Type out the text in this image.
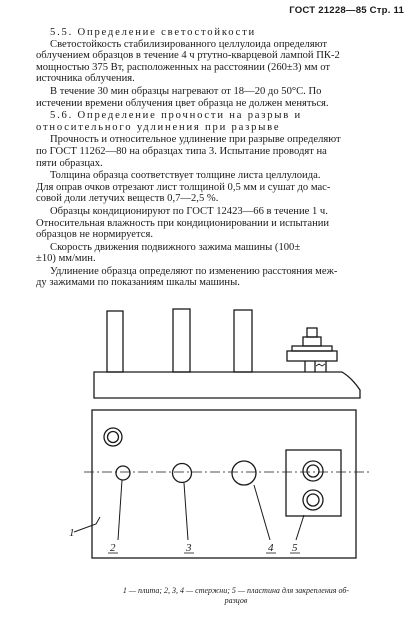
ГОСТ 21228—85 Стр. 11

5.5. Определение светостойкости

Светостойкость стабилизированного целлулоида определяют

облучением образцов в течение 4 ч ртутно-кварцевой лампой ПК-2

мощностью 375 Вт, расположенных на расстоянии (260±3) мм от

источника облучения.

В течение 30 мин образцы нагревают от 18—20 до 50°С. По

истечении времени облучения цвет образца не должен меняться.

5.6. Определение прочности на разрыв и

относительного удлинения при разрыве

Прочность и относительное удлинение при разрыве определяют

по ГОСТ 11262—80 на образцах типа 3. Испытание проводят на

пяти образцах.

Толщина образца соответствует толщине листа целлулоида.

Для оправ очков отрезают лист толщиной 0,5 мм и сушат до мас-

совой доли летучих веществ 0,7—2,5 %.

Образцы кондиционируют по ГОСТ 12423—66 в течение 1 ч.

Относительная влажность при кондиционировании и испытании

образцов не нормируется.

Скорость движения подвижного зажима машины (100±

±10) мм/мин.

Удлинение образца определяют по изменению расстояния меж-

ду зажимами по показаниям шкалы машины.

1
2	3	4 5
1 — плита; 2, 3, 4 — стержни; 5 — пластина для закрепления об-
разцов
